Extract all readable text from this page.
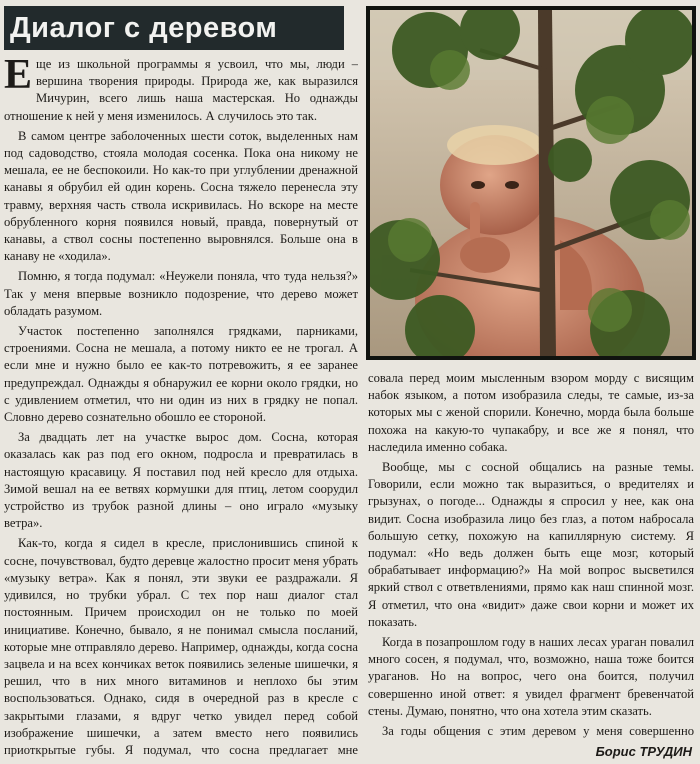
Диалог с деревом

Еще из школьной программы я усвоил, что мы, люди – вершина творения природы. Природа же, как выразился Мичурин, всего лишь наша мастерская. Но однажды отношение к ней у меня изменилось. А случилось это так.

В самом центре заболоченных шести соток, выделенных нам под садоводство, стояла молодая сосенка. Пока она никому не мешала, ее не беспокоили. Но как-то при углублении дренажной канавы я обрубил ей один корень. Сосна тяжело перенесла эту травму, верхняя часть ствола искривилась. Но вскоре на месте обрубленного корня появился новый, правда, повернутый от канавы, а ствол сосны постепенно выровнялся. Больше она в канаву не «ходила».

Помню, я тогда подумал: «Неужели поняла, что туда нельзя?» Так у меня впервые возникло подозрение, что дерево может обладать разумом.

Участок постепенно заполнялся грядками, парниками, строениями. Сосна не мешала, а потому никто ее не трогал. А если мне и нужно было ее как-то потревожить, я ее заранее предупреждал. Однажды я обнаружил ее корни около грядки, но с удивлением отметил, что ни один из них в грядку не попал. Словно дерево сознательно обошло ее стороной.

За двадцать лет на участке вырос дом. Сосна, которая оказалась как раз под его окном, подросла и превратилась в настоящую красавицу. Я поставил под ней кресло для отдыха. Зимой вешал на ее ветвях кормушки для птиц, летом соорудил устройство из трубок разной длины – оно играло «музыку ветра».

Как-то, когда я сидел в кресле, прислонившись спиной к сосне, почувствовал, будто деревце жалостно просит меня убрать «музыку ветра». Как я понял, эти звуки ее раздражали. Я удивился, но трубки убрал. С тех пор наш диалог стал постоянным. Причем происходил он не только по моей инициативе. Конечно, бывало, я не понимал смысла посланий, которые мне отправляло дерево. Например, однажды, когда сосна зацвела и на всех кончиках веток появились зеленые шишечки, я решил, что в них много витаминов и неплохо бы этим воспользоваться. Однако, сидя в очередной раз в кресле с закрытыми глазами, я вдруг четко увидел перед собой изображение шишечки, а затем вместо него появились приоткрытые губы. Я подумал, что сосна предлагает мне

совала перед моим мысленным взором морду с висящим набок языком, а потом изобразила следы, те самые, из-за которых мы с женой спорили. Конечно, морда была больше похожа на какую-то чупакабру, и все же я понял, что наследила именно собака.

Вообще, мы с сосной общались на разные темы. Говорили, если можно так выразиться, о вредителях и грызунах, о погоде... Однажды я спросил у нее, как она видит. Сосна изобразила лицо без глаз, а потом набросала большую сетку, похожую на капиллярную систему. Я подумал: «Но ведь должен быть еще мозг, который обрабатывает информацию?» На мой вопрос высветился яркий ствол с ответвлениями, прямо как наш спинной мозг. Я отметил, что она «видит» даже свои корни и может их показать.

Когда в позапрошлом году в наших лесах ураган повалил много сосен, я подумал, что, возможно, наша тоже боится ураганов. Но на вопрос, чего она боится, получил совершенно иной ответ: я увидел фрагмент бревенчатой стены. Думаю, понятно, что она хотела этим сказать.

За годы общения с этим деревом у меня совершенно

Борис ТРУДИН
